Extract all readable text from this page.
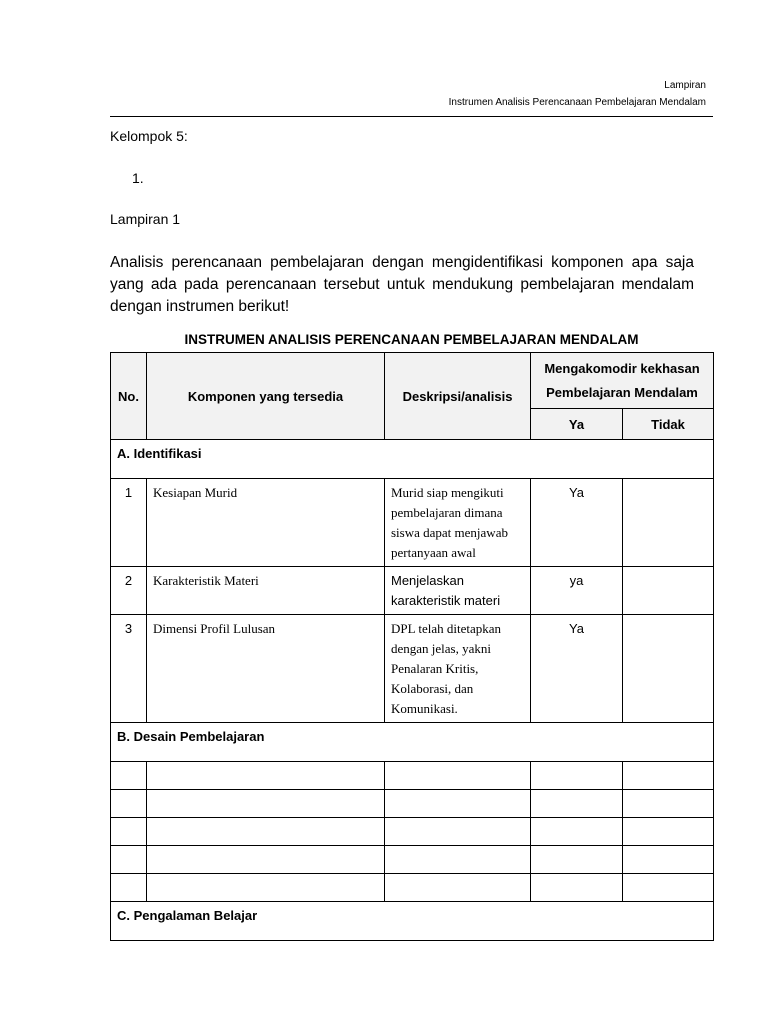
Lampiran
Instrumen Analisis Perencanaan Pembelajaran Mendalam
Kelompok 5:
1.
Lampiran 1
Analisis perencanaan pembelajaran dengan mengidentifikasi komponen apa saja yang ada pada perencanaan tersebut untuk mendukung pembelajaran mendalam dengan instrumen berikut!
INSTRUMEN ANALISIS PERENCANAAN PEMBELAJARAN MENDALAM
No.	Komponen yang tersedia	Deskripsi/analisis	Mengakomodir kekhasan
Pembelajaran Mendalam	

			Ya	Tidak
A. Identifikasi				
1	Kesiapan Murid	Murid siap mengikuti pembelajaran dimana siswa dapat menjawab pertanyaan awal	Ya	
2	Karakteristik Materi	Menjelaskan karakteristik materi	ya	
3	Dimensi Profil Lulusan	DPL telah ditetapkan dengan jelas, yakni Penalaran Kritis, Kolaborasi, dan Komunikasi.	Ya	
B. Desain Pembelajaran				

C. Pengalaman Belajar				
